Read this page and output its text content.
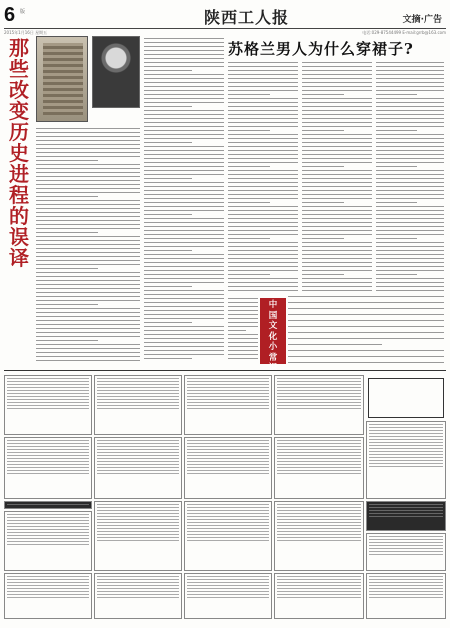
6 版	陕西工人报	文摘·广告
2015年1月16日 星期五	电话:029-87544499 E-mail:grrb@163.com
那
些
改
变
历
史
进
程
的
误
译
苏格兰男人为什么穿裙子?
中
国
文
化
小
常
识
